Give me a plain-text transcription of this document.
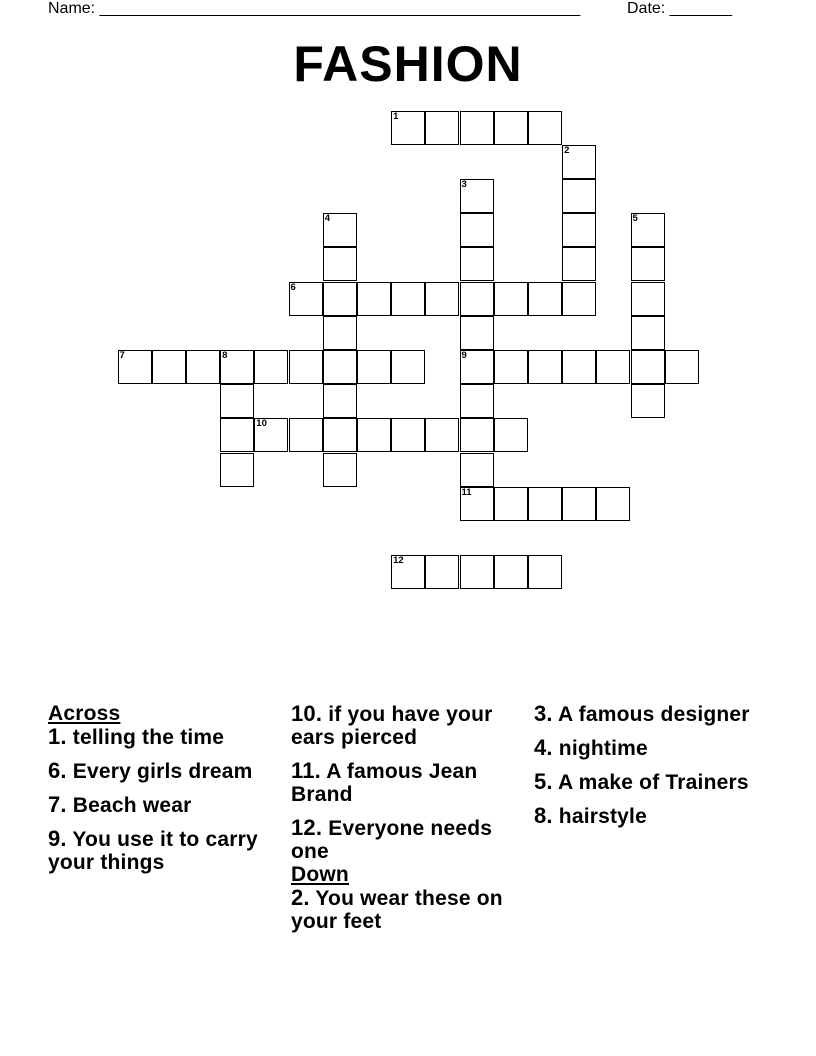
Name: ______________________________________________________	Date: _______
FASHION
1
2
3
9
11
4	5
6
7	8
10
12
Across
1. telling the time
6. Every girls dream
7. Beach wear
9. You use it to carry your things
10. if you have your ears pierced
11. A famous Jean Brand
12. Everyone needs one
Down
2. You wear these on your feet
3. A famous designer
4. nightime
5. A make of Trainers
8. hairstyle
